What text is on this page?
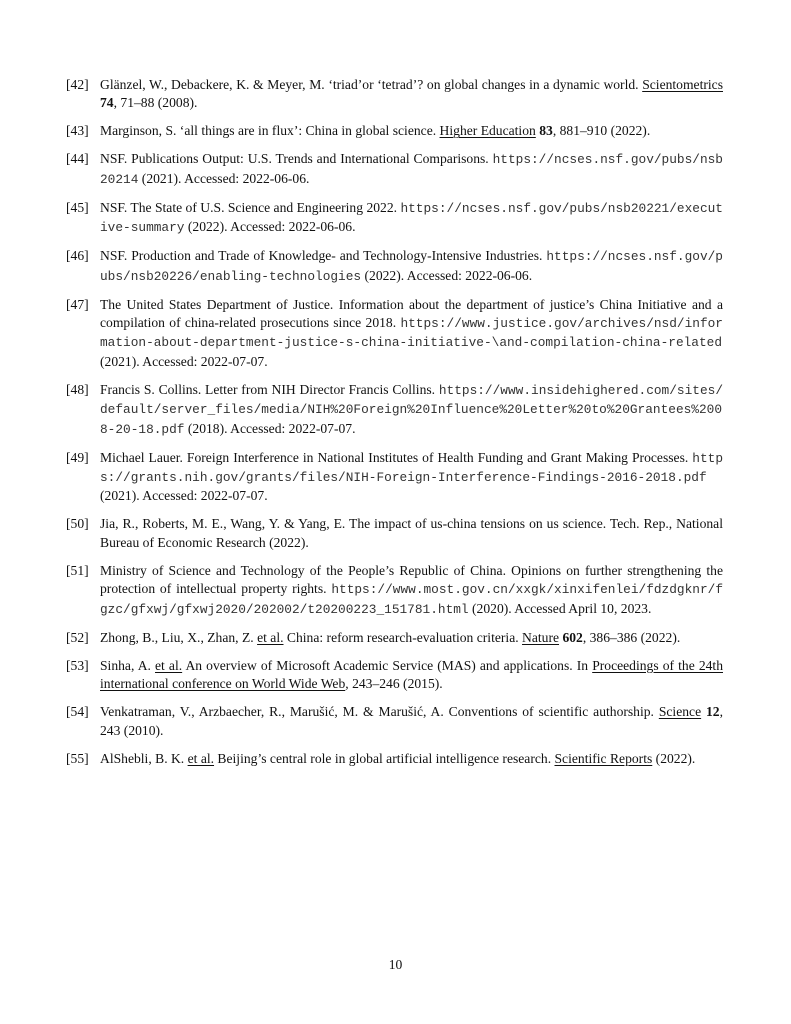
[42] Glänzel, W., Debackere, K. & Meyer, M. ‘triad’or ‘tetrad’? on global changes in a dynamic world. Scientometrics 74, 71–88 (2008).
[43] Marginson, S. ‘all things are in flux’: China in global science. Higher Education 83, 881–910 (2022).
[44] NSF. Publications Output: U.S. Trends and International Comparisons. https://ncses.nsf.gov/pubs/nsb20214 (2021). Accessed: 2022-06-06.
[45] NSF. The State of U.S. Science and Engineering 2022. https://ncses.nsf.gov/pubs/nsb20221/executive-summary (2022). Accessed: 2022-06-06.
[46] NSF. Production and Trade of Knowledge- and Technology-Intensive Industries. https://ncses.nsf.gov/pubs/nsb20226/enabling-technologies (2022). Accessed: 2022-06-06.
[47] The United States Department of Justice. Information about the department of justice’s China Initiative and a compilation of china-related prosecutions since 2018. https://www.justice.gov/archives/nsd/information-about-department-justice-s-china-initiative-\and-compilation-china-related (2021). Accessed: 2022-07-07.
[48] Francis S. Collins. Letter from NIH Director Francis Collins. https://www.insidehighered.com/sites/default/server_files/media/NIH%20Foreign%20Influence%20Letter%20to%20Grantees%2008-20-18.pdf (2018). Accessed: 2022-07-07.
[49] Michael Lauer. Foreign Interference in National Institutes of Health Funding and Grant Making Processes. https://grants.nih.gov/grants/files/NIH-Foreign-Interference-Findings-2016-2018.pdf (2021). Accessed: 2022-07-07.
[50] Jia, R., Roberts, M. E., Wang, Y. & Yang, E. The impact of us-china tensions on us science. Tech. Rep., National Bureau of Economic Research (2022).
[51] Ministry of Science and Technology of the People’s Republic of China. Opinions on further strengthening the protection of intellectual property rights. https://www.most.gov.cn/xxgk/xinxifenlei/fdzdgknr/fgzc/gfxwj/gfxwj2020/202002/t20200223_151781.html (2020). Accessed April 10, 2023.
[52] Zhong, B., Liu, X., Zhan, Z. et al. China: reform research-evaluation criteria. Nature 602, 386–386 (2022).
[53] Sinha, A. et al. An overview of Microsoft Academic Service (MAS) and applications. In Proceedings of the 24th international conference on World Wide Web, 243–246 (2015).
[54] Venkatraman, V., Arzbaecher, R., Marušić, M. & Marušić, A. Conventions of scientific authorship. Science 12, 243 (2010).
[55] AlShebli, B. K. et al. Beijing’s central role in global artificial intelligence research. Scientific Reports (2022).
10
